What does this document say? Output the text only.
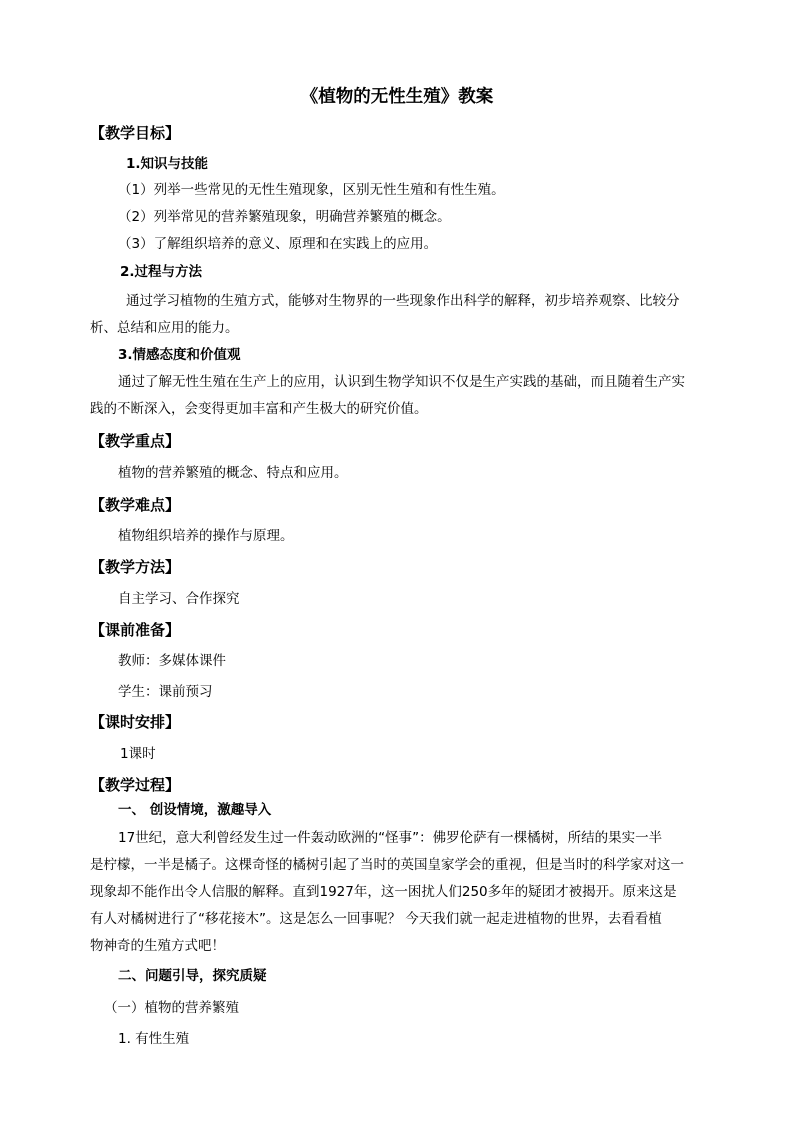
《植物的无性生殖》教案
【教学目标】
1.知识与技能
（1）列举一些常见的无性生殖现象，区别无性生殖和有性生殖。
（2）列举常见的营养繁殖现象，明确营养繁殖的概念。
（3）了解组织培养的意义、原理和在实践上的应用。
2.过程与方法
通过学习植物的生殖方式，能够对生物界的一些现象作出科学的解释，初步培养观察、比较分
析、总结和应用的能力。
3.情感态度和价值观
通过了解无性生殖在生产上的应用，认识到生物学知识不仅是生产实践的基础，而且随着生产实
践的不断深入，会变得更加丰富和产生极大的研究价值。
【教学重点】
植物的营养繁殖的概念、特点和应用。
【教学难点】
植物组织培养的操作与原理。
【教学方法】
自主学习、合作探究
【课前准备】
教师：多媒体课件
学生：课前预习
【课时安排】
1课时
【教学过程】
一、 创设情境，激趣导入
17世纪，意大利曾经发生过一件轰动欧洲的“怪事”：佛罗伦萨有一棵橘树，所结的果实一半
是柠檬，一半是橘子。这棵奇怪的橘树引起了当时的英国皇家学会的重视，但是当时的科学家对这一
现象却不能作出令人信服的解释。直到1927年，这一困扰人们250多年的疑团才被揭开。原来这是
有人对橘树进行了“移花接木”。这是怎么一回事呢？ 今天我们就一起走进植物的世界，去看看植
物神奇的生殖方式吧！
二、问题引导，探究质疑
（一）植物的营养繁殖
1. 有性生殖
